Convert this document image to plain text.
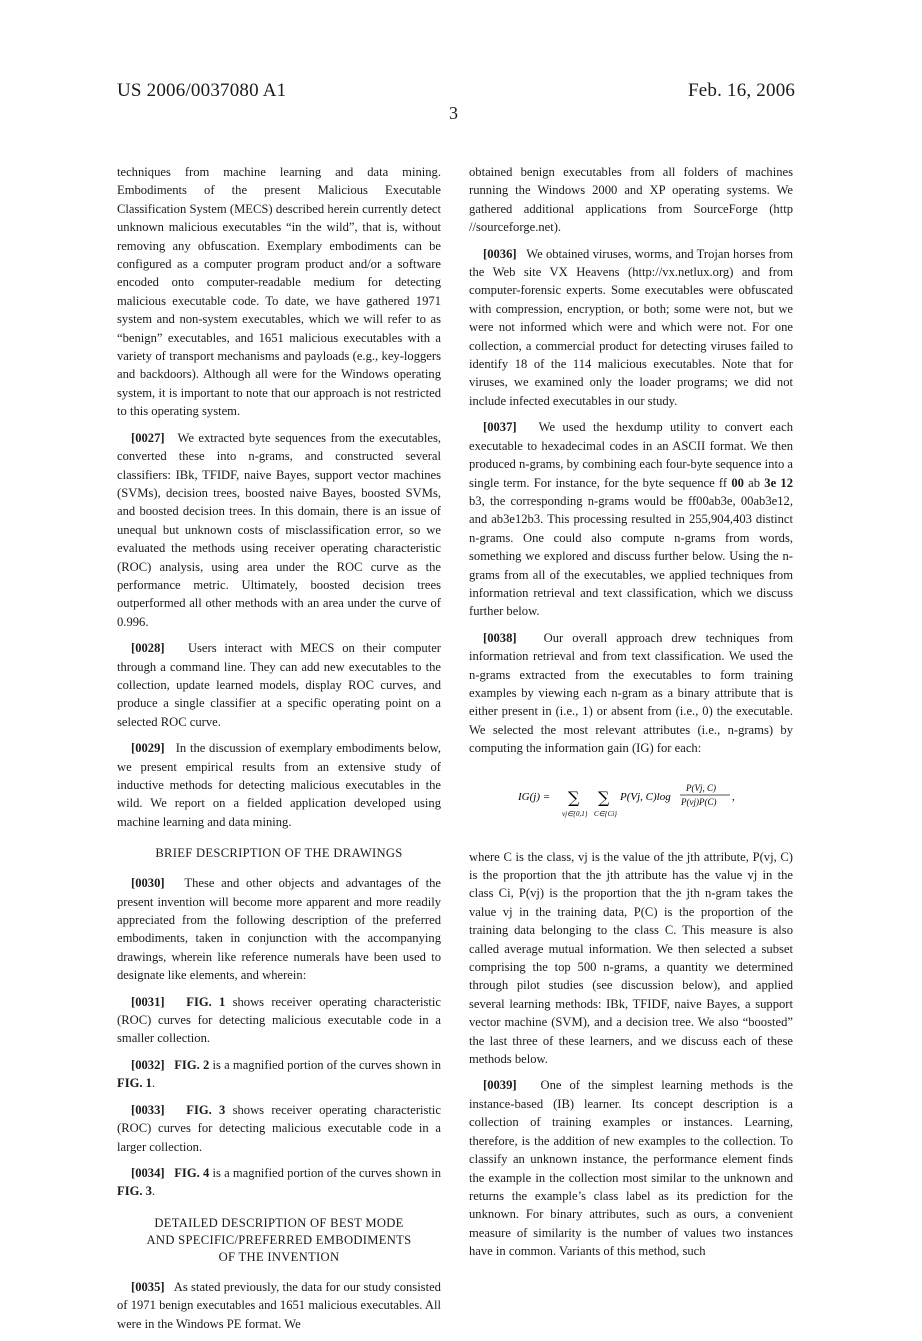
US 2006/0037080 A1	Feb. 16, 2006
3

techniques from machine learning and data mining. Embodiments of the present Malicious Executable Classification System (MECS) described herein currently detect unknown malicious executables “in the wild”, that is, without removing any obfuscation. Exemplary embodiments can be configured as a computer program product and/or a software encoded onto computer-readable medium for detecting malicious executable code. To date, we have gathered 1971 system and non-system executables, which we will refer to as “benign” executables, and 1651 malicious executables with a variety of transport mechanisms and payloads (e.g., key-loggers and backdoors). Although all were for the Windows operating system, it is important to note that our approach is not restricted to this operating system.

[0027] We extracted byte sequences from the executables, converted these into n-grams, and constructed several classifiers: IBk, TFIDF, naive Bayes, support vector machines (SVMs), decision trees, boosted naive Bayes, boosted SVMs, and boosted decision trees. In this domain, there is an issue of unequal but unknown costs of misclassification error, so we evaluated the methods using receiver operating characteristic (ROC) analysis, using area under the ROC curve as the performance metric. Ultimately, boosted decision trees outperformed all other methods with an area under the curve of 0.996.

[0028] Users interact with MECS on their computer through a command line. They can add new executables to the collection, update learned models, display ROC curves, and produce a single classifier at a specific operating point on a selected ROC curve.

[0029] In the discussion of exemplary embodiments below, we present empirical results from an extensive study of inductive methods for detecting malicious executables in the wild. We report on a fielded application developed using machine learning and data mining.

BRIEF DESCRIPTION OF THE DRAWINGS

[0030] These and other objects and advantages of the present invention will become more apparent and more readily appreciated from the following description of the preferred embodiments, taken in conjunction with the accompanying drawings, wherein like reference numerals have been used to designate like elements, and wherein:

[0031] FIG. 1 shows receiver operating characteristic (ROC) curves for detecting malicious executable code in a smaller collection.

[0032] FIG. 2 is a magnified portion of the curves shown in FIG. 1.

[0033] FIG. 3 shows receiver operating characteristic (ROC) curves for detecting malicious executable code in a larger collection.

[0034] FIG. 4 is a magnified portion of the curves shown in FIG. 3.

DETAILED DESCRIPTION OF BEST MODE
AND SPECIFIC/PREFERRED EMBODIMENTS
OF THE INVENTION

[0035] As stated previously, the data for our study consisted of 1971 benign executables and 1651 malicious executables. All were in the Windows PE format. We

obtained benign executables from all folders of machines running the Windows 2000 and XP operating systems. We gathered additional applications from SourceForge (http //sourceforge.net).

[0036] We obtained viruses, worms, and Trojan horses from the Web site VX Heavens (http://vx.netlux.org) and from computer-forensic experts. Some executables were obfuscated with compression, encryption, or both; some were not, but we were not informed which were and which were not. For one collection, a commercial product for detecting viruses failed to identify 18 of the 114 malicious executables. Note that for viruses, we examined only the loader programs; we did not include infected executables in our study.

[0037] We used the hexdump utility to convert each executable to hexadecimal codes in an ASCII format. We then produced n-grams, by combining each four-byte sequence into a single term. For instance, for the byte sequence ff 00 ab 3e 12 b3, the corresponding n-grams would be ff00ab3e, 00ab3e12, and ab3e12b3. This processing resulted in 255,904,403 distinct n-grams. One could also compute n-grams from words, something we explored and discuss further below. Using the n-grams from all of the executables, we applied techniques from information retrieval and text classification, which we discuss further below.

[0038] Our overall approach drew techniques from information retrieval and from text classification. We used the n-grams extracted from the executables to form training examples by viewing each n-gram as a binary attribute that is either present in (i.e., 1) or absent from (i.e., 0) the executable. We selected the most relevant attributes (i.e., n-grams) by computing the information gain (IG) for each:

IG(j) = ∑
vj∈{0,1}
∑
C∈{Ci}
P(Vj, C)log
P(Vj, C)
P(vj)P(C) ,

where C is the class, vj is the value of the jth attribute, P(vj, C) is the proportion that the jth attribute has the value vj in the class Ci, P(vj) is the proportion that the jth n-gram takes the value vj in the training data, P(C) is the proportion of the training data belonging to the class C. This measure is also called average mutual information. We then selected a subset comprising the top 500 n-grams, a quantity we determined through pilot studies (see discussion below), and applied several learning methods: IBk, TFIDF, naive Bayes, a support vector machine (SVM), and a decision tree. We also “boosted” the last three of these learners, and we discuss each of these methods below.

[0039] One of the simplest learning methods is the instance-based (IB) learner. Its concept description is a collection of training examples or instances. Learning, therefore, is the addition of new examples to the collection. To classify an unknown instance, the performance element finds the example in the collection most similar to the unknown and returns the example’s class label as its prediction for the unknown. For binary attributes, such as ours, a convenient measure of similarity is the number of values two instances have in common. Variants of this method, such
